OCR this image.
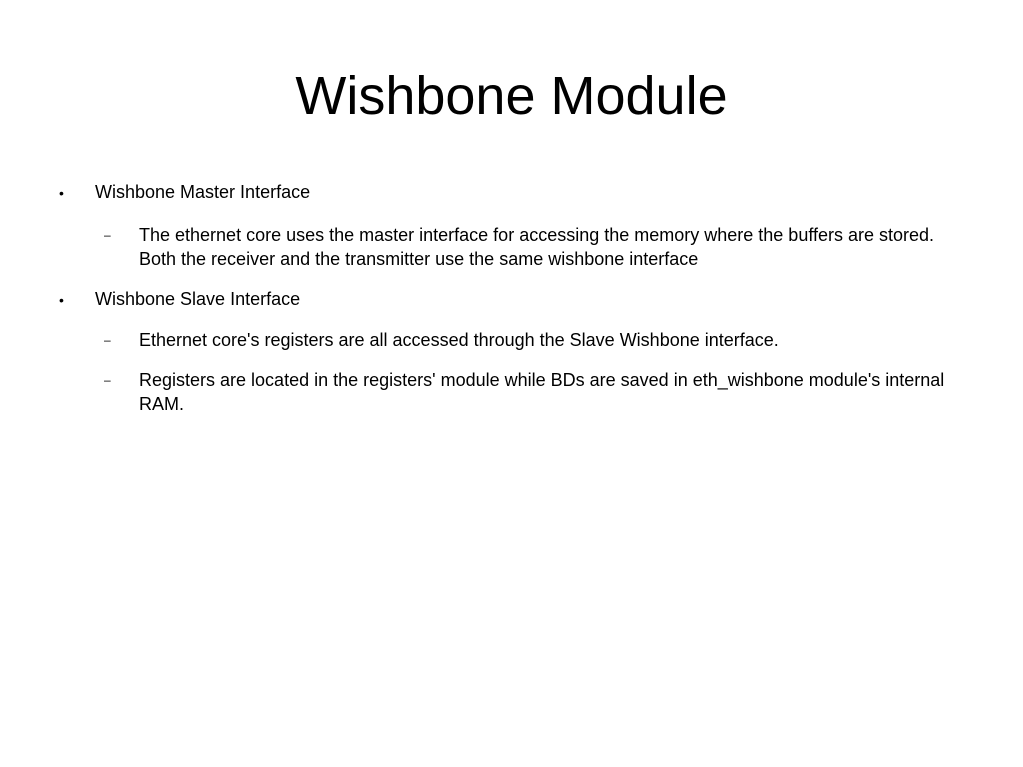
Wishbone Module
• Wishbone Master Interface
– The ethernet core uses the master interface for accessing the memory where the buffers are stored. Both the receiver and the transmitter use the same wishbone interface
• Wishbone Slave Interface
– Ethernet core's registers are all accessed through the Slave Wishbone interface.
– Registers are located in the registers' module while BDs are saved in eth_wishbone module's internal RAM.
